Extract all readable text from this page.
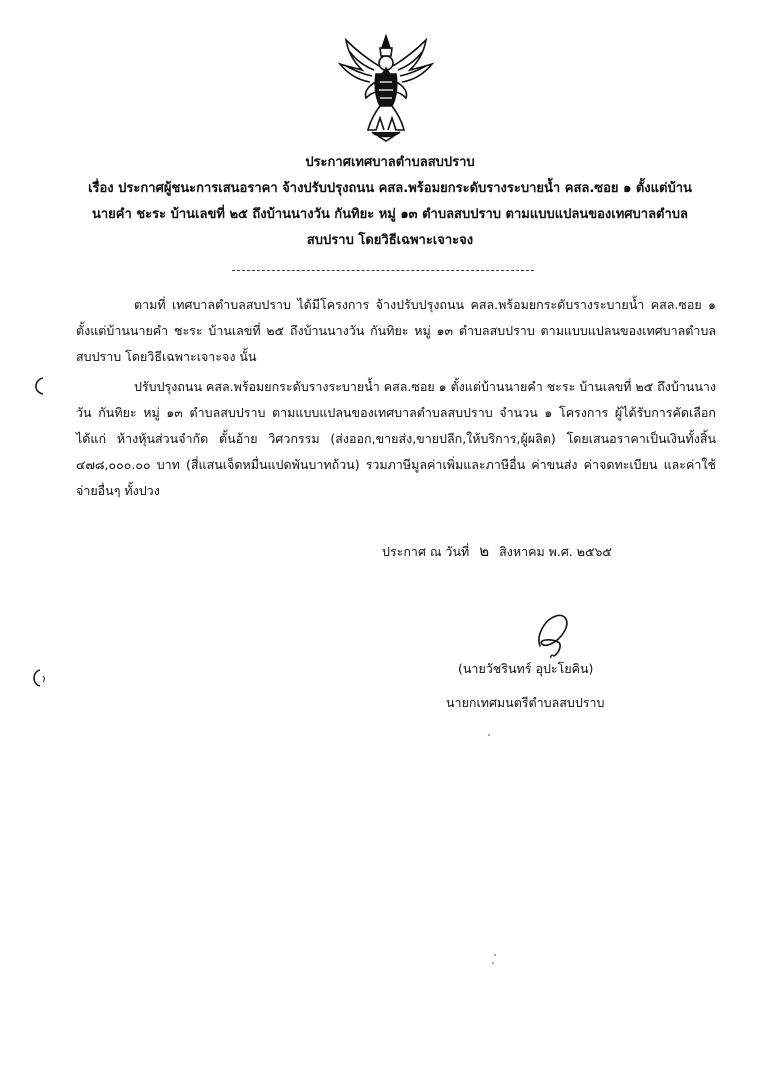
ประกาศเทศบาลตำบลสบปราบ
เรื่อง ประกาศผู้ชนะการเสนอราคา จ้างปรับปรุงถนน คสล.พร้อมยกระดับรางระบายน้ำ คสล.ซอย ๑ ตั้งแต่บ้าน
นายคำ ชะระ บ้านเลขที่ ๒๕ ถึงบ้านนางวัน กันทิยะ หมู่ ๑๓ ตำบลสบปราบ ตามแบบแปลนของเทศบาลตำบล
สบปราบ โดยวิธีเฉพาะเจาะจง
ตามที่ เทศบาลตำบลสบปราบ ได้มีโครงการ จ้างปรับปรุงถนน คสล.พร้อมยกระดับรางระบายน้ำ คสล.ซอย ๑ ตั้งแต่บ้านนายคำ ชะระ บ้านเลขที่ ๒๕ ถึงบ้านนางวัน กันทิยะ หมู่ ๑๓ ตำบลสบปราบ ตามแบบแปลนของเทศบาลตำบลสบปราบ โดยวิธีเฉพาะเจาะจง นั้น
ปรับปรุงถนน คสล.พร้อมยกระดับรางระบายน้ำ คสล.ซอย ๑ ตั้งแต่บ้านนายคำ ชะระ บ้านเลขที่ ๒๕ ถึงบ้านนางวัน กันทิยะ หมู่ ๑๓ ตำบลสบปราบ ตามแบบแปลนของเทศบาลตำบลสบปราบ จำนวน ๑ โครงการ ผู้ได้รับการคัดเลือก ได้แก่ ห้างหุ้นส่วนจำกัด ตั้นอ้าย วิศวกรรม (ส่งออก,ขายส่ง,ขายปลีก,ให้บริการ,ผู้ผลิต) โดยเสนอราคาเป็นเงินทั้งสิ้น ๔๗๘,๐๐๐.๐๐ บาท (สี่แสนเจ็ดหมื่นแปดพันบาทถ้วน) รวมภาษีมูลค่าเพิ่มและภาษีอื่น ค่าขนส่ง ค่าจดทะเบียน และค่าใช้จ่ายอื่นๆ ทั้งปวง
ประกาศ ณ วันที่ ๒ สิงหาคม พ.ศ. ๒๕๖๕
(นายวัชรินทร์ อุปะโยคิน)
นายกเทศมนตรีตำบลสบปราบ
